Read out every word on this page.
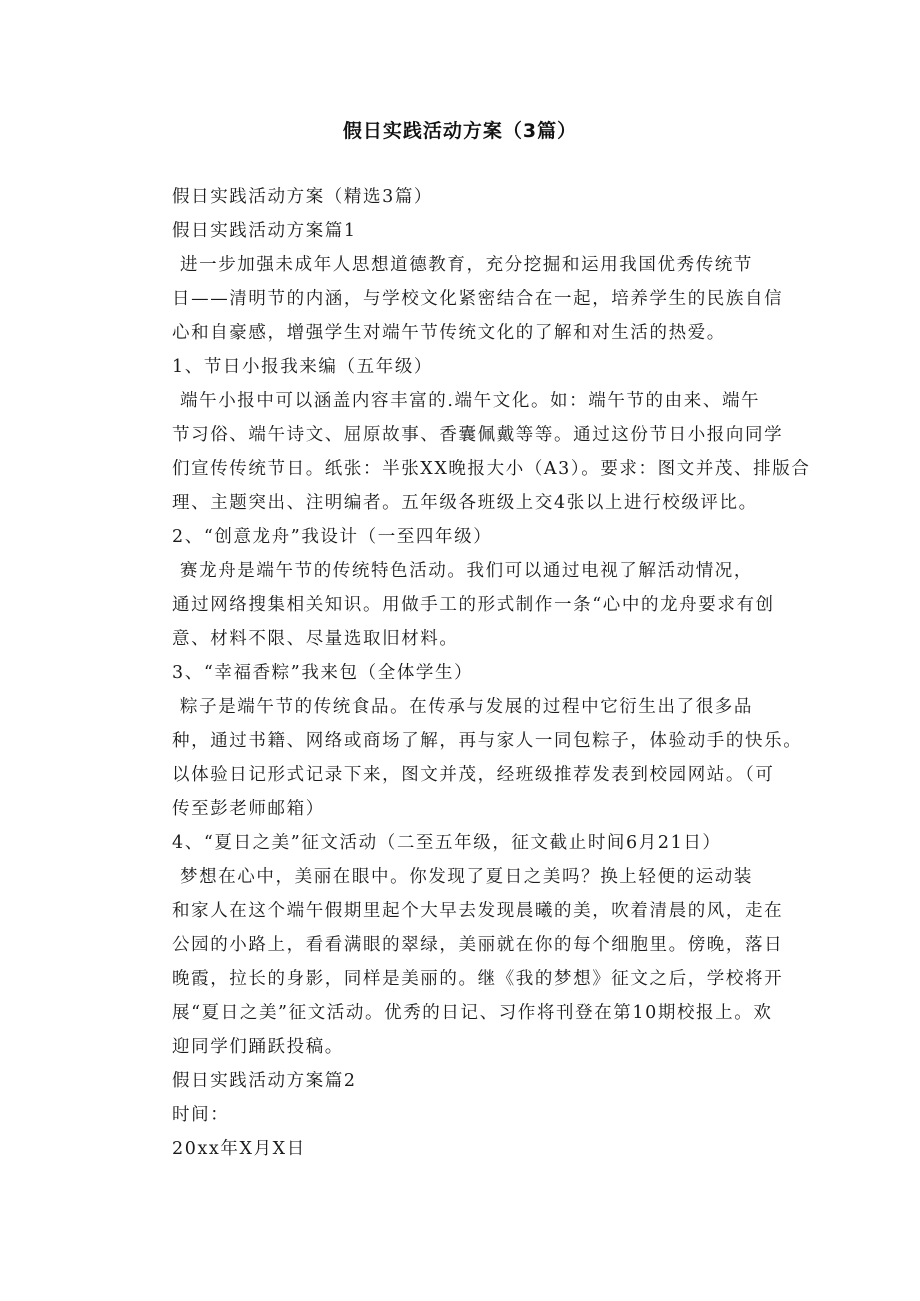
假日实践活动方案（3篇）
假日实践活动方案（精选3篇）
假日实践活动方案篇1
进一步加强未成年人思想道德教育，充分挖掘和运用我国优秀传统节
日——清明节的内涵，与学校文化紧密结合在一起，培养学生的民族自信
心和自豪感，增强学生对端午节传统文化的了解和对生活的热爱。
1、节日小报我来编（五年级）
端午小报中可以涵盖内容丰富的.端午文化。如：端午节的由来、端午
节习俗、端午诗文、屈原故事、香囊佩戴等等。通过这份节日小报向同学
们宣传传统节日。纸张：半张XX晚报大小（A3）。要求：图文并茂、排版合
理、主题突出、注明编者。五年级各班级上交4张以上进行校级评比。
2、“创意龙舟”我设计（一至四年级）
赛龙舟是端午节的传统特色活动。我们可以通过电视了解活动情况，
通过网络搜集相关知识。用做手工的形式制作一条“心中的龙舟要求有创
意、材料不限、尽量选取旧材料。
3、“幸福香粽”我来包（全体学生）
粽子是端午节的传统食品。在传承与发展的过程中它衍生出了很多品
种，通过书籍、网络或商场了解，再与家人一同包粽子，体验动手的快乐。
以体验日记形式记录下来，图文并茂，经班级推荐发表到校园网站。（可
传至彭老师邮箱）
4、“夏日之美”征文活动（二至五年级，征文截止时间6月21日）
梦想在心中，美丽在眼中。你发现了夏日之美吗？换上轻便的运动装
和家人在这个端午假期里起个大早去发现晨曦的美，吹着清晨的风，走在
公园的小路上，看看满眼的翠绿，美丽就在你的每个细胞里。傍晚，落日
晚霞，拉长的身影，同样是美丽的。继《我的梦想》征文之后，学校将开
展“夏日之美”征文活动。优秀的日记、习作将刊登在第10期校报上。欢
迎同学们踊跃投稿。
假日实践活动方案篇2
时间：
20xx年X月X日
